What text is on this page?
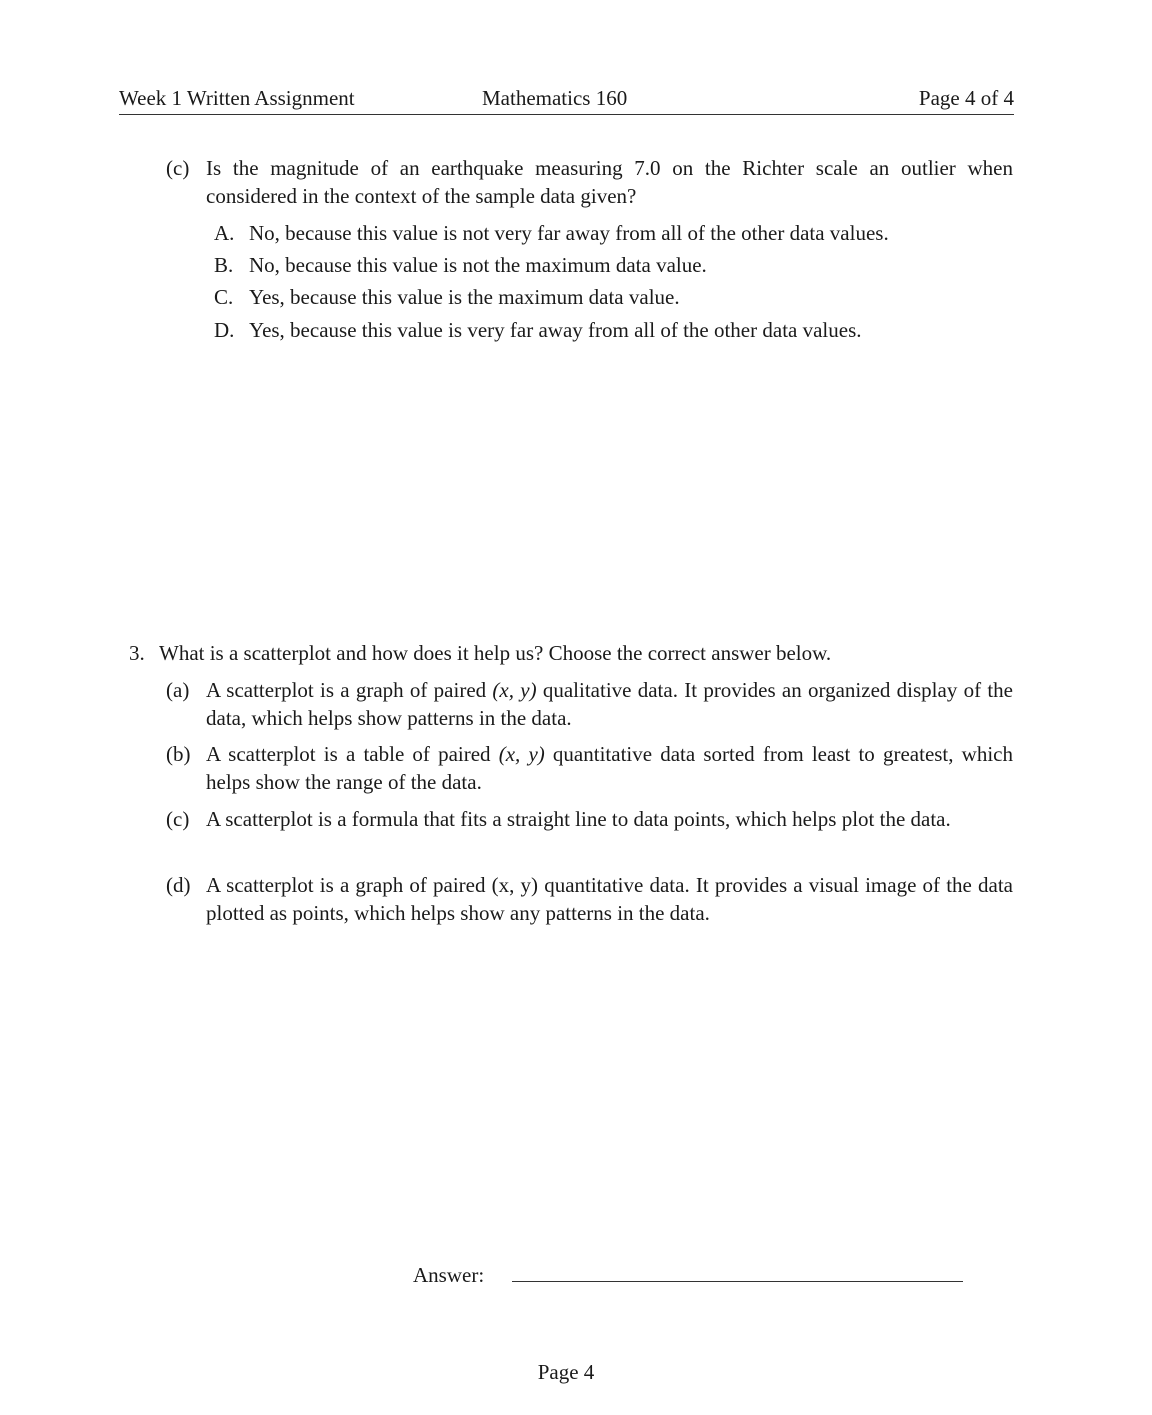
Week 1 Written Assignment	Mathematics 160	Page 4 of 4
(c) Is the magnitude of an earthquake measuring 7.0 on the Richter scale an outlier when considered in the context of the sample data given?
A. No, because this value is not very far away from all of the other data values.
B. No, because this value is not the maximum data value.
C. Yes, because this value is the maximum data value.
D. Yes, because this value is very far away from all of the other data values.
3. What is a scatterplot and how does it help us? Choose the correct answer below.
(a) A scatterplot is a graph of paired (x, y) qualitative data. It provides an organized display of the data, which helps show patterns in the data.
(b) A scatterplot is a table of paired (x, y) quantitative data sorted from least to greatest, which helps show the range of the data.
(c) A scatterplot is a formula that fits a straight line to data points, which helps plot the data.
(d) A scatterplot is a graph of paired (x, y) quantitative data. It provides a visual image of the data plotted as points, which helps show any patterns in the data.
Answer:
Page 4
